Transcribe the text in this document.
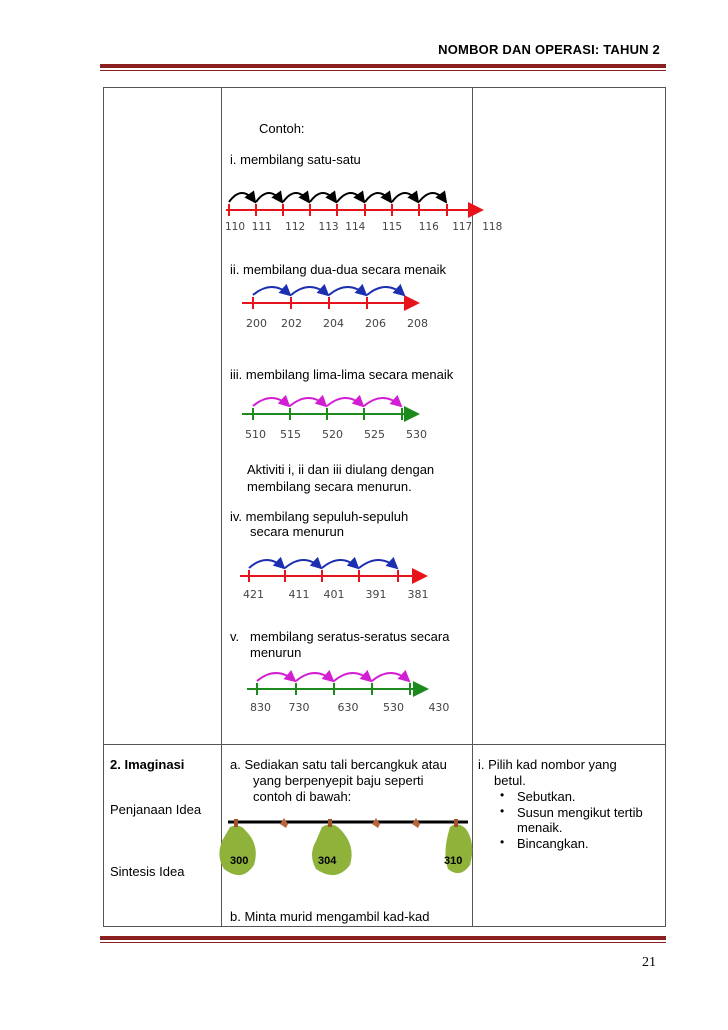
NOMBOR DAN OPERASI: TAHUN 2
Contoh:
i. membilang satu-satu
110 111 112 113 114 115 116 117 118
ii. membilang dua-dua secara menaik
200 202 204 206 208
iii. membilang lima-lima secara menaik
510 515 520 525 530
Aktiviti i, ii dan iii diulang dengan
membilang secara menurun.
iv. membilang sepuluh-sepuluh
secara menurun
421 411 401 391 381
v. membilang seratus-seratus secara
menurun
830 730	630 530 430
2. Imaginasi
Penjanaan Idea
Sintesis Idea
a. Sediakan satu tali bercangkuk atau
yang berpenyepit baju seperti
contoh di bawah:
300	304	310
b. Minta murid mengambil kad-kad
i. Pilih kad nombor yang
betul.
• Sebutkan.
• Susun mengikut tertib
menaik.
• Bincangkan.
21
